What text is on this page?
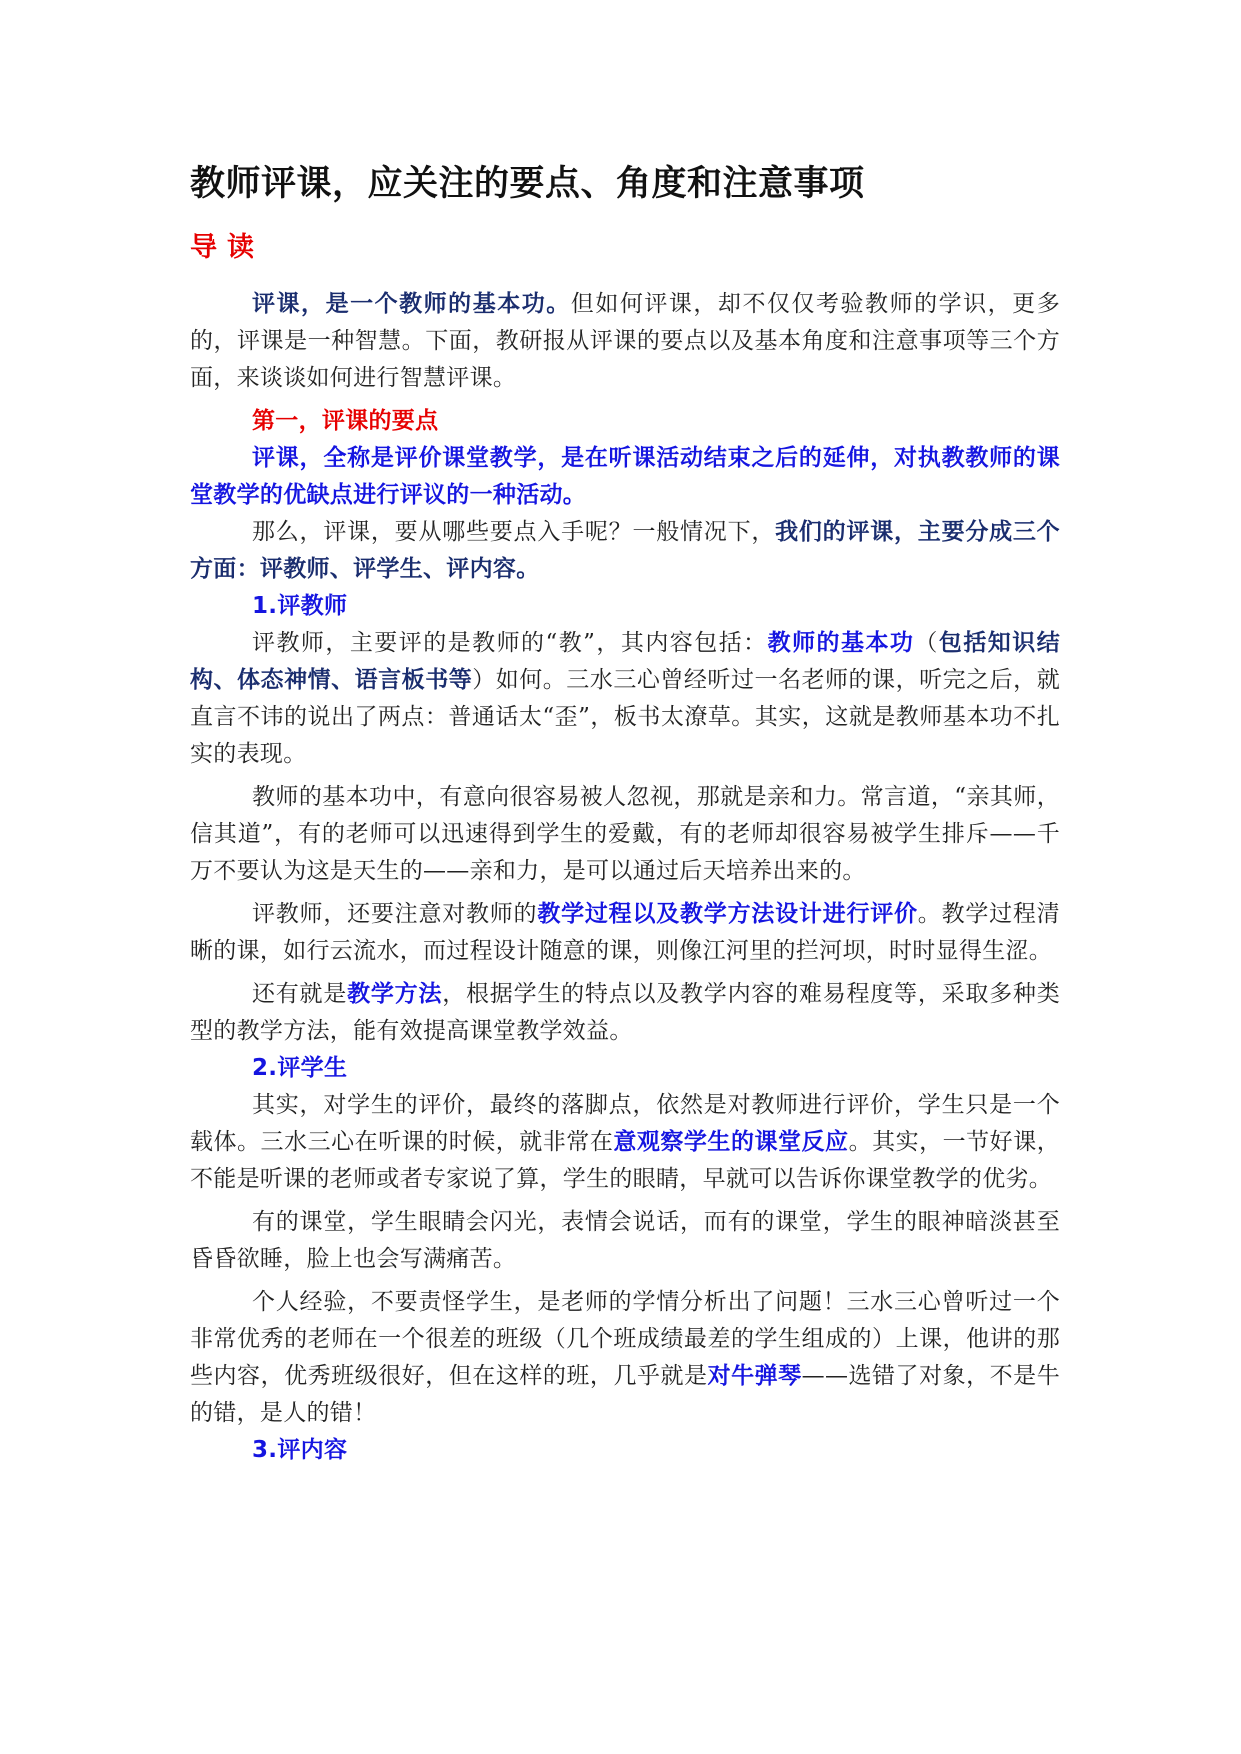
教师评课，应关注的要点、角度和注意事项
导读

评课，是一个教师的基本功。但如何评课，却不仅仅考验教师的学识，更多的，评课是一种智慧。下面，教研报从评课的要点以及基本角度和注意事项等三个方面，来谈谈如何进行智慧评课。

第一，评课的要点

评课，全称是评价课堂教学，是在听课活动结束之后的延伸，对执教教师的课堂教学的优缺点进行评议的一种活动。

那么，评课，要从哪些要点入手呢？一般情况下，我们的评课，主要分成三个方面：评教师、评学生、评内容。

1.评教师

评教师，主要评的是教师的“教”，其内容包括：教师的基本功（包括知识结构、体态神情、语言板书等）如何。三水三心曾经听过一名老师的课，听完之后，就直言不讳的说出了两点：普通话太“歪”，板书太潦草。其实，这就是教师基本功不扎实的表现。

教师的基本功中，有意向很容易被人忽视，那就是亲和力。常言道，“亲其师，信其道”，有的老师可以迅速得到学生的爱戴，有的老师却很容易被学生排斥——千万不要认为这是天生的——亲和力，是可以通过后天培养出来的。

评教师，还要注意对教师的教学过程以及教学方法设计进行评价。教学过程清晰的课，如行云流水，而过程设计随意的课，则像江河里的拦河坝，时时显得生涩。

还有就是教学方法，根据学生的特点以及教学内容的难易程度等，采取多种类型的教学方法，能有效提高课堂教学效益。

2.评学生

其实，对学生的评价，最终的落脚点，依然是对教师进行评价，学生只是一个载体。三水三心在听课的时候，就非常在意观察学生的课堂反应。其实，一节好课，不能是听课的老师或者专家说了算，学生的眼睛，早就可以告诉你课堂教学的优劣。

有的课堂，学生眼睛会闪光，表情会说话，而有的课堂，学生的眼神暗淡甚至昏昏欲睡，脸上也会写满痛苦。

个人经验，不要责怪学生，是老师的学情分析出了问题！三水三心曾听过一个非常优秀的老师在一个很差的班级（几个班成绩最差的学生组成的）上课，他讲的那些内容，优秀班级很好，但在这样的班，几乎就是对牛弹琴——选错了对象，不是牛的错，是人的错！

3.评内容
